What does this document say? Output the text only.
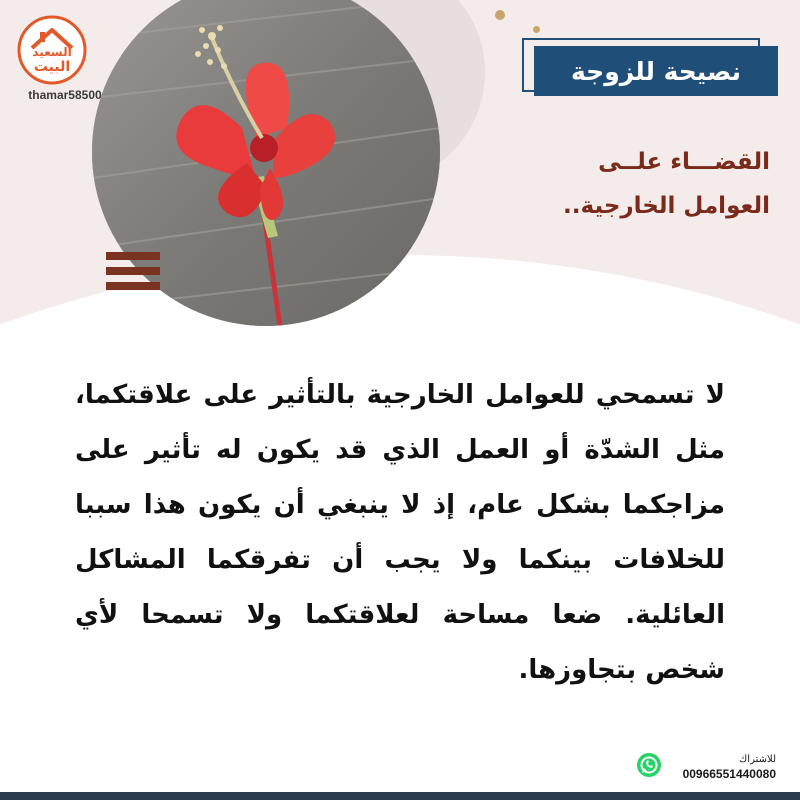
السعيد
البيت
thamar58500
نصيحة للزوجة
القضـــاء علــى
العوامل الخارجية..
لا تسمحي للعوامل الخارجية بالتأثير على علاقتكما، مثل الشدّة أو العمل الذي قد يكون له تأثير على مزاجكما بشكل عام، إذ لا ينبغي أن يكون هذا سببا للخلافات بينكما ولا يجب أن تفرقكما المشاكل العائلية. ضعا مساحة لعلاقتكما ولا تسمحا لأي شخص بتجاوزها.
للاشتراك
00966551440080
